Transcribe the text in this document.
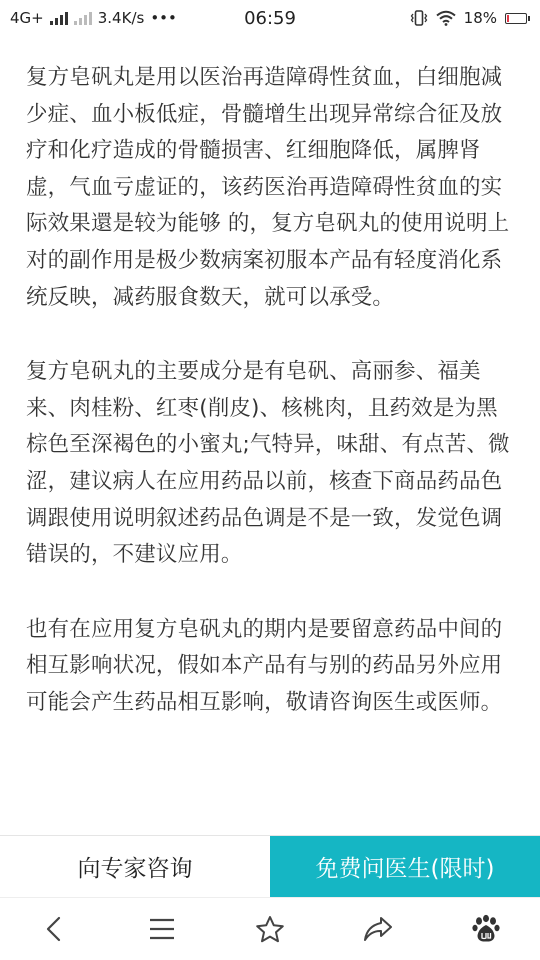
4G+	3.4K/s •••	06:59	18%

复方皂矾丸是用以医治再造障碍性贫血，白细胞减少症、血小板低症，骨髓增生出现异常综合征及放疗和化疗造成的骨髓损害、红细胞降低，属脾肾虚，气血亏虚证的，该药医治再造障碍性贫血的实际效果還是较为能够 的，复方皂矾丸的使用说明上对的副作用是极少数病案初服本产品有轻度消化系统反映，减药服食数天，就可以承受。

复方皂矾丸的主要成分是有皂矾、高丽参、福美来、肉桂粉、红枣(削皮)、核桃肉，且药效是为黑棕色至深褐色的小蜜丸;气特异，味甜、有点苦、微涩，建议病人在应用药品以前，核查下商品药品色调跟使用说明叙述药品色调是不是一致，发觉色调错误的，不建议应用。

也有在应用复方皂矾丸的期内是要留意药品中间的相互影响状况，假如本产品有与别的药品另外应用可能会产生药品相互影响，敬请咨询医生或医师。

向专家咨询	免费问医生(限时)
